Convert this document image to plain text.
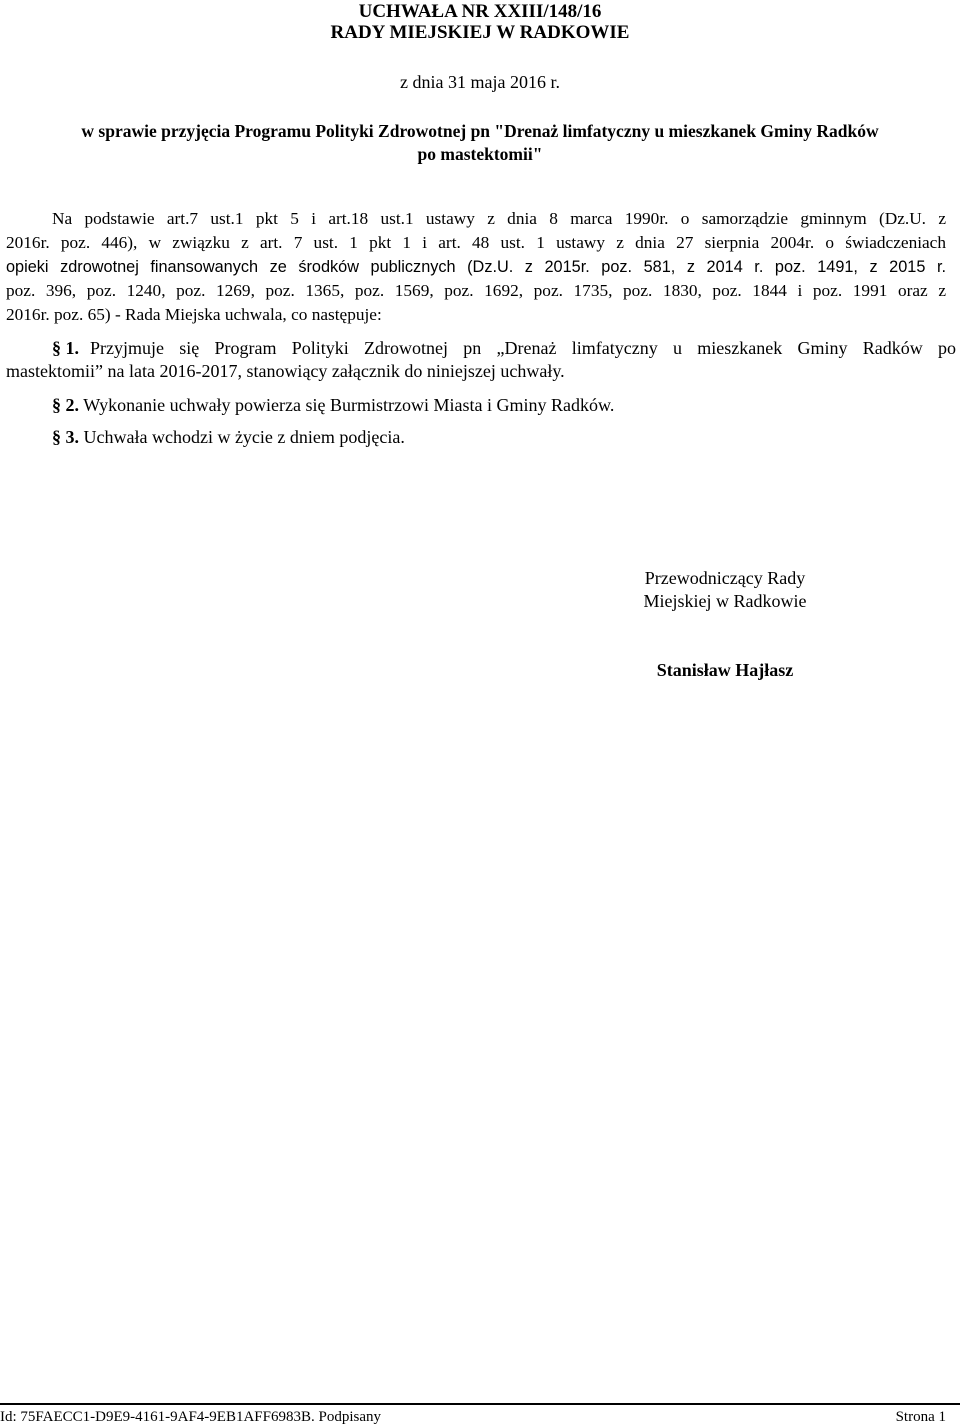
UCHWAŁA NR XXIII/148/16
RADY MIEJSKIEJ W RADKOWIE
z dnia 31 maja 2016 r.
w sprawie przyjęcia Programu Polityki Zdrowotnej pn "Drenaż limfatyczny u mieszkanek Gminy Radków
po mastektomii"
Na podstawie art.7 ust.1 pkt 5 i art.18 ust.1 ustawy z dnia 8 marca 1990r. o samorządzie gminnym (Dz.U. z
2016r. poz. 446), w związku z art. 7 ust. 1 pkt 1 i art. 48 ust. 1 ustawy z dnia 27 sierpnia 2004r. o świadczeniach
opieki zdrowotnej finansowanych ze środków publicznych (Dz.U. z 2015r. poz. 581, z 2014 r. poz. 1491, z 2015 r.
poz. 396, poz. 1240, poz. 1269, poz. 1365, poz. 1569, poz. 1692, poz. 1735, poz. 1830, poz. 1844 i poz. 1991 oraz z
2016r. poz. 65) - Rada Miejska uchwala, co następuje:
§ 1. Przyjmuje się Program Polityki Zdrowotnej pn „Drenaż limfatyczny u mieszkanek Gminy Radków po
mastektomii” na lata 2016-2017, stanowiący załącznik do niniejszej uchwały.
§ 2. Wykonanie uchwały powierza się Burmistrzowi Miasta i Gminy Radków.
§ 3. Uchwała wchodzi w życie z dniem podjęcia.
Przewodniczący Rady
Miejskiej w Radkowie
Stanisław Hajłasz
Id: 75FAECC1-D9E9-4161-9AF4-9EB1AFF6983B. Podpisany	Strona 1
